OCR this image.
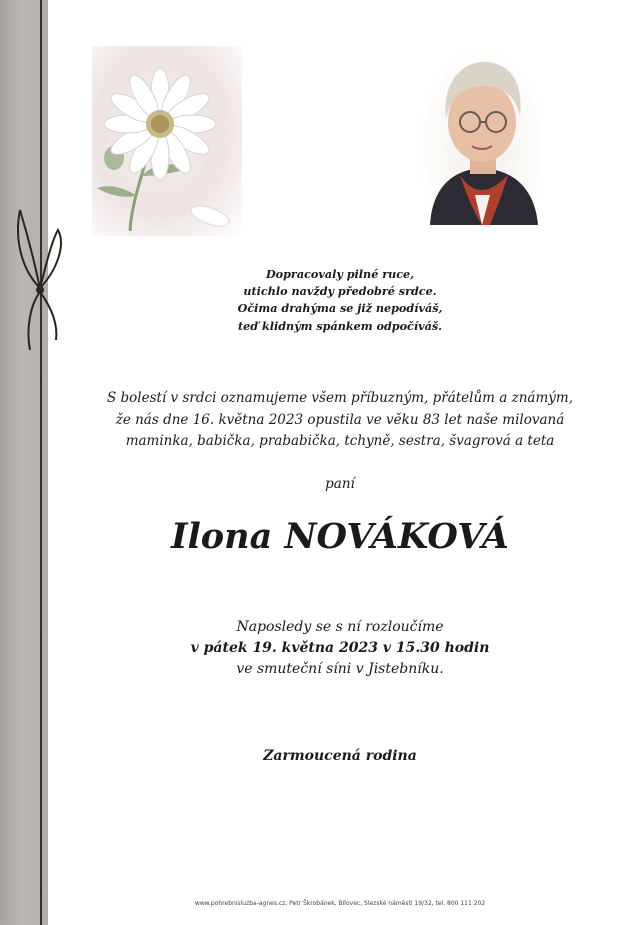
Dopracovaly pilné ruce,
utichlo navždy předobré srdce.
Očima drahýma se již nepodíváš,
teď klidným spánkem odpočíváš.
S bolestí v srdci oznamujeme všem příbuzným, přátelům a známým,
že nás dne 16. května 2023 opustila ve věku 83 let naše milovaná
maminka, babička, prababička, tchyně, sestra, švagrová a teta
paní
Ilona NOVÁKOVÁ
Naposledy se s ní rozloučíme
v pátek 19. května 2023 v 15.30 hodin
ve smuteční síni v Jistebníku.
Zarmoucená rodina
www.pohrebnisluzba-agnes.cz, Petr Škrobánek, Bílovec, Slezské náměstí 19/32, tel. 800 111 202
